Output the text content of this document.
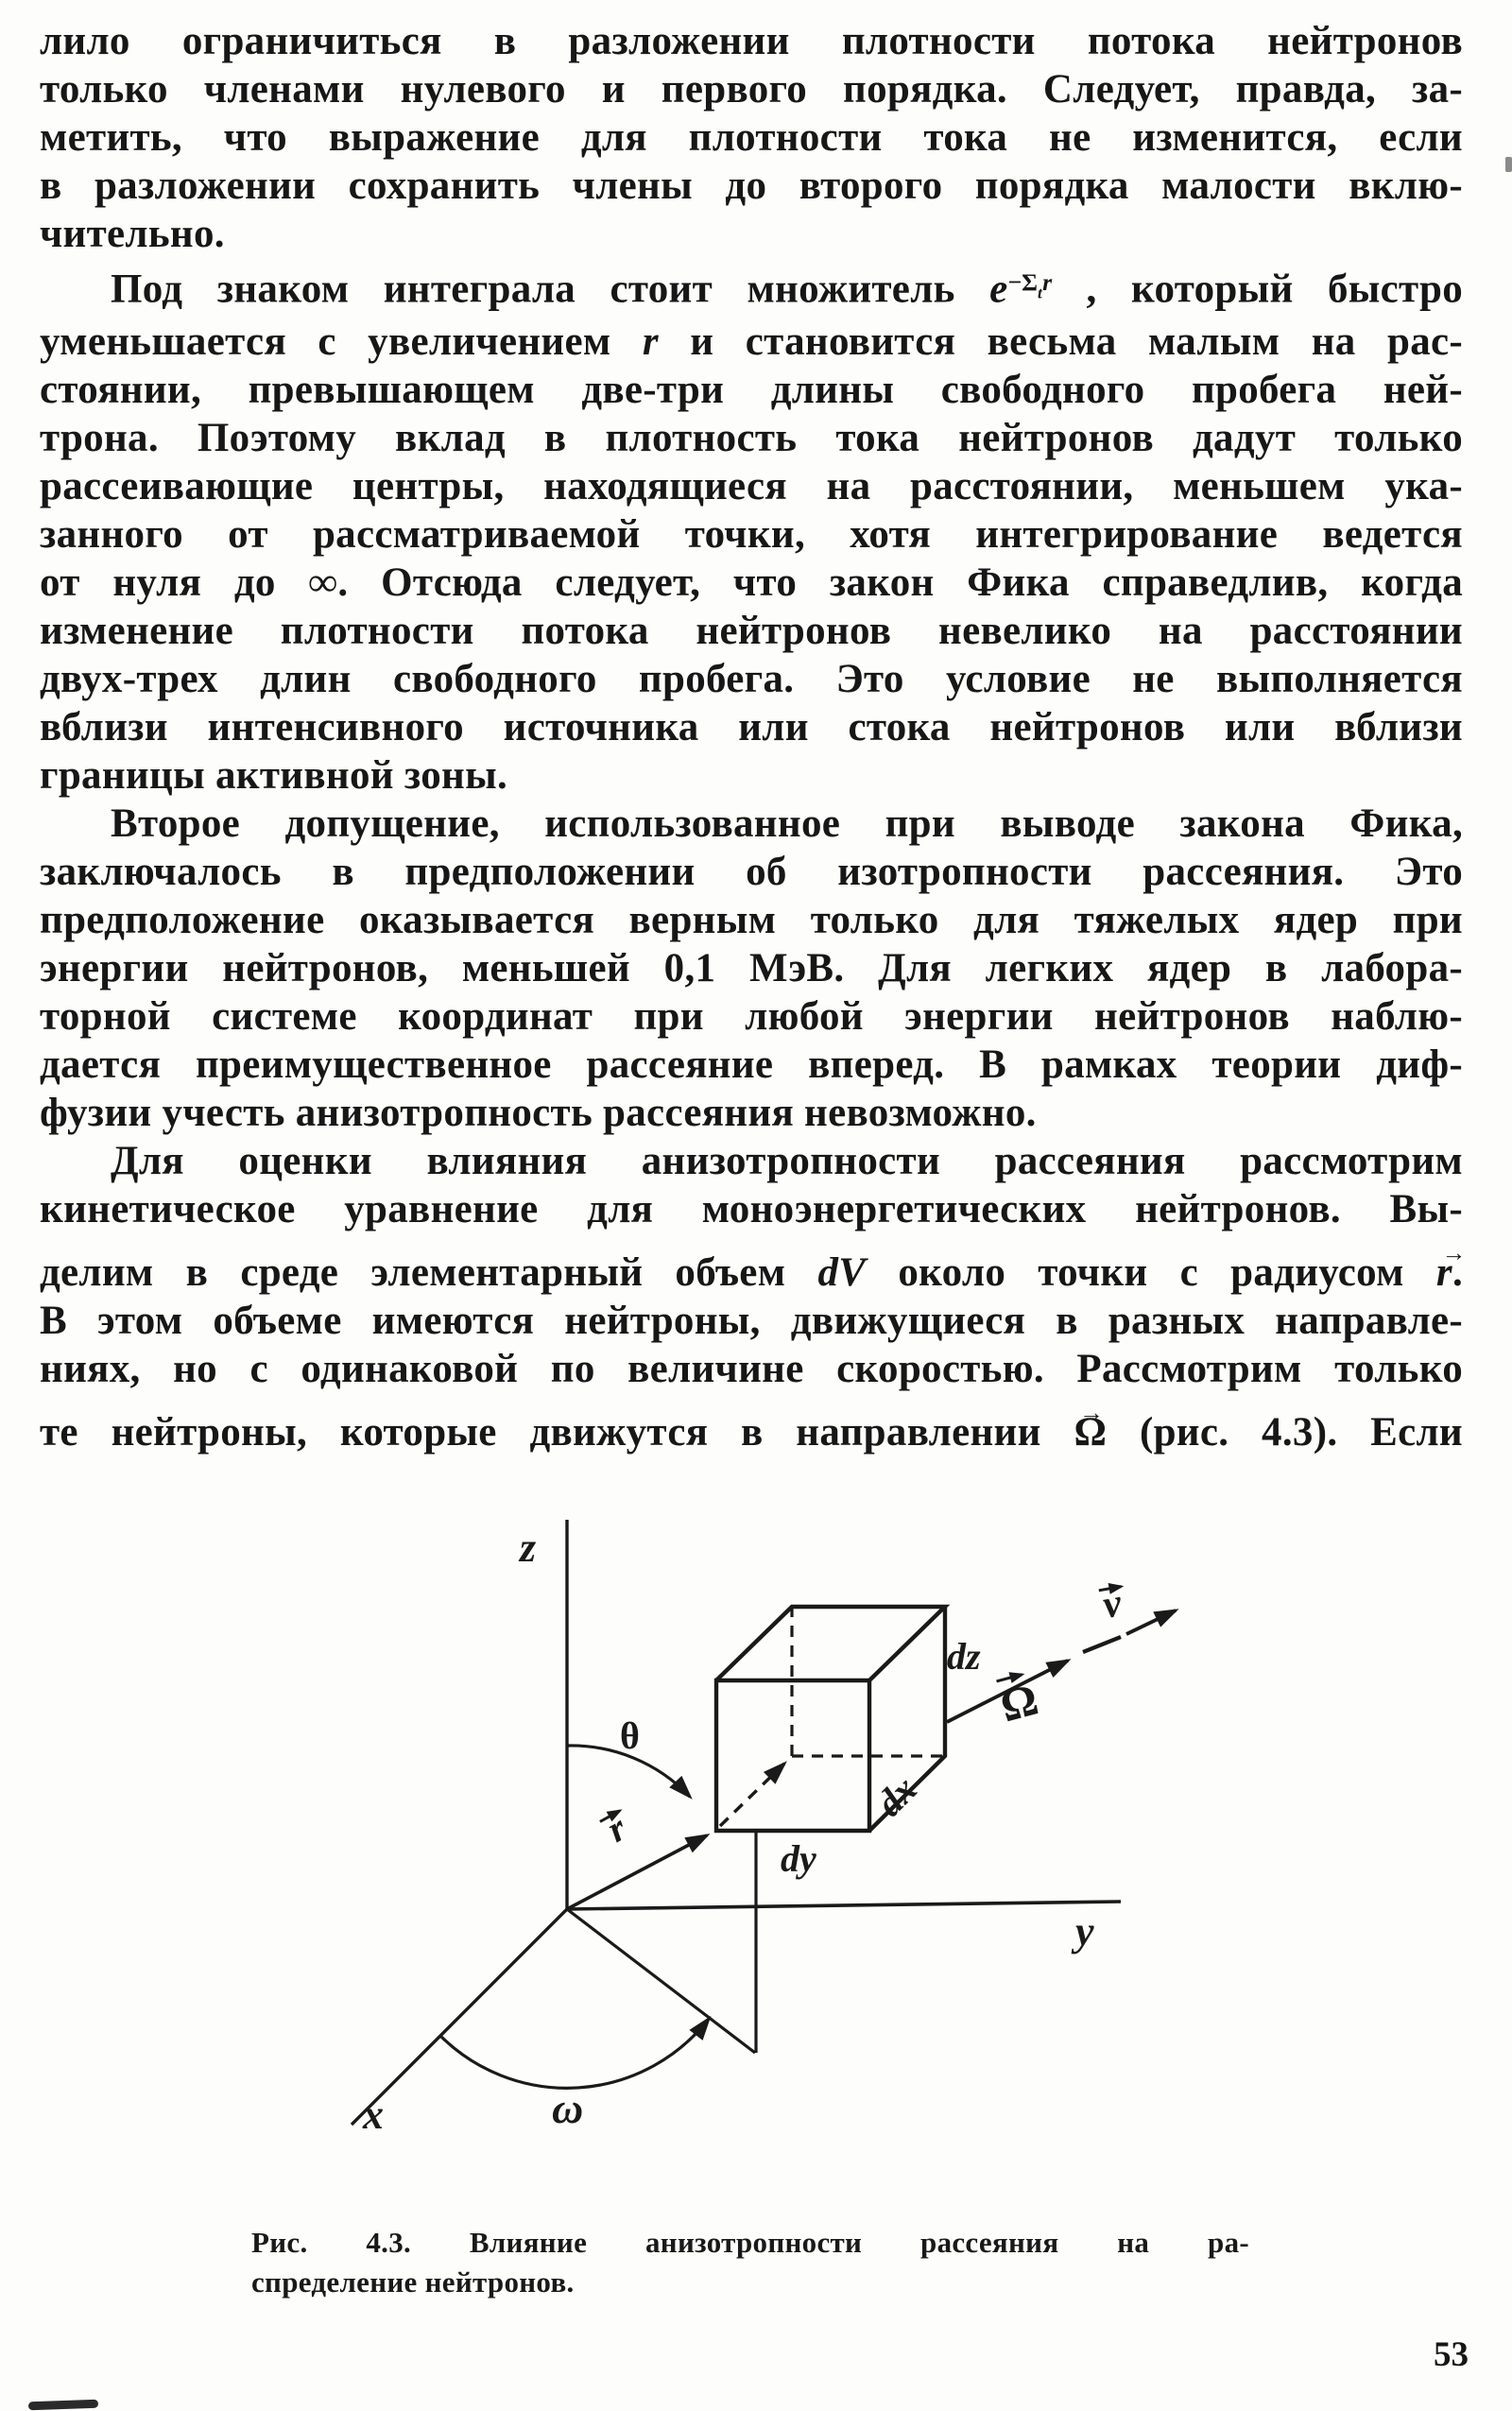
лило ограничиться в разложении плотности потока нейтронов
только членами нулевого и первого порядка. Следует, правда, за-
метить, что выражение для плотности тока не изменится, если
в разложении сохранить члены до второго порядка малости вклю-
чительно.
Под знаком интеграла стоит множитель $e^{-\Sigma}t^r$ , который быстро
уменьшается с увеличением r и становится весьма малым на рас-
стоянии, превышающем две-три длины свободного пробега ней-
трона. Поэтому вклад в плотность тока нейтронов дадут только
рассеивающие центры, находящиеся на расстоянии, меньшем ука-
занного от рассматриваемой точки, хотя интегрирование ведется
от нуля до ∞. Отсюда следует, что закон Фика справедлив, когда
изменение плотности потока нейтронов невелико на расстоянии
двух-трех длин свободного пробега. Это условие не выполняется
вблизи интенсивного источника или стока нейтронов или вблизи
границы активной зоны.
Второе допущение, использованное при выводе закона Фика,
заключалось в предположении об изотропности рассеяния. Это
предположение оказывается верным только для тяжелых ядер при
энергии нейтронов, меньшей 0,1 МэВ. Для легких ядер в лабора-
торной системе координат при любой энергии нейтронов наблю-
дается преимущественное рассеяние вперед. В рамках теории диф-
фузии учесть анизотропность рассеяния невозможно.
Для оценки влияния анизотропности рассеяния рассмотрим
кинетическое уравнение для моноэнергетических нейтронов. Вы-
делим в среде элементарный объем dV около точки с радиусом r →.
В этом объеме имеются нейтроны, движущиеся в разных направле-
ниях, но с одинаковой по величине скоростью. Рассмотрим только
те нейтроны, которые движутся в направлении Ω → (рис. 4.3). Если
z
y
x
θ
ω
dz
dy
dx
r
Ω
v
Рис. 4.3. Влияние анизотропности рассеяния на ра-
спределение нейтронов.
53
